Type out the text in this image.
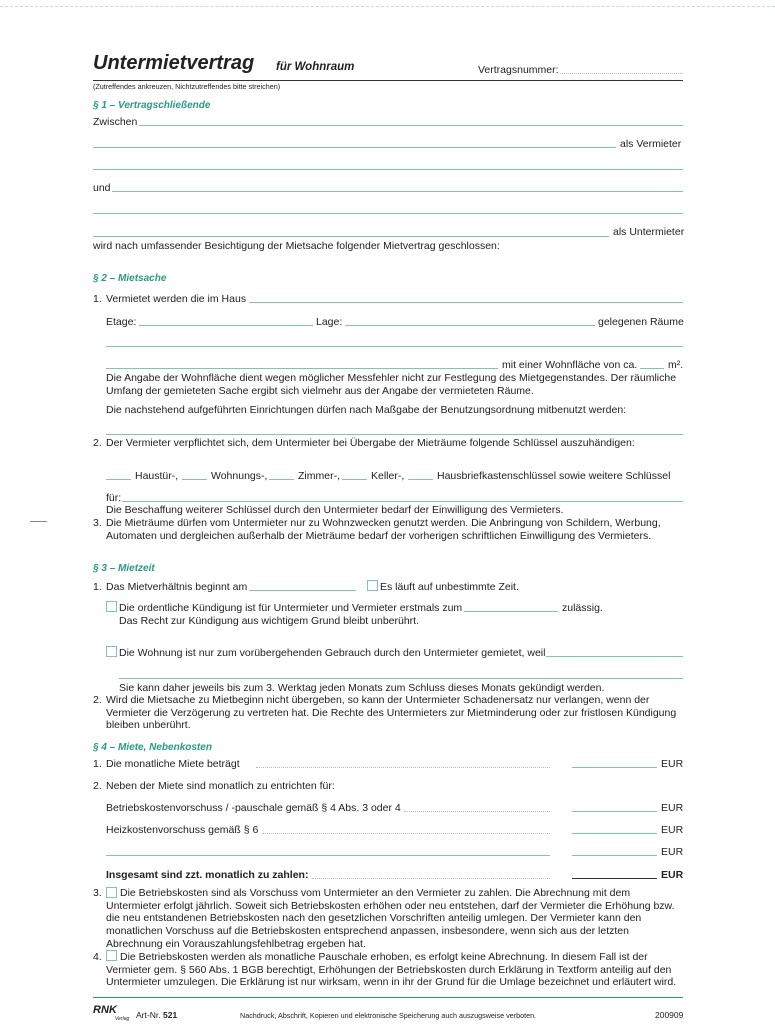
Untermietvertrag für Wohnraum	Vertragsnummer:
(Zutreffendes ankreuzen, Nichtzutreffendes bitte streichen)
§ 1 – Vertragschließende
Zwischen
als Vermieter
und
als Untermieter
wird nach umfassender Besichtigung der Mietsache folgender Mietvertrag geschlossen:
§ 2 – Mietsache
1. Vermietet werden die im Haus
Etage:	Lage:	gelegenen Räume
mit einer Wohnfläche von ca.	m².
Die Angabe der Wohnfläche dient wegen möglicher Messfehler nicht zur Festlegung des Mietgegenstandes. Der räumliche Umfang der gemieteten Sache ergibt sich vielmehr aus der Angabe der vermieteten Räume.
Die nachstehend aufgeführten Einrichtungen dürfen nach Maßgabe der Benutzungsordnung mitbenutzt werden:
2. Der Vermieter verpflichtet sich, dem Untermieter bei Übergabe der Mieträume folgende Schlüssel auszuhändigen:
Haustür-,	Wohnungs-,	Zimmer-,	Keller-,	Hausbriefkastenschlüssel sowie weitere Schlüssel
für:
Die Beschaffung weiterer Schlüssel durch den Untermieter bedarf der Einwilligung des Vermieters.
3. Die Mieträume dürfen vom Untermieter nur zu Wohnzwecken genutzt werden. Die Anbringung von Schildern, Werbung, Automaten und dergleichen außerhalb der Mieträume bedarf der vorherigen schriftlichen Einwilligung des Vermieters.
§ 3 – Mietzeit
1. Das Mietverhältnis beginnt am	Es läuft auf unbestimmte Zeit.
Die ordentliche Kündigung ist für Untermieter und Vermieter erstmals zum	zulässig.
Das Recht zur Kündigung aus wichtigem Grund bleibt unberührt.
Die Wohnung ist nur zum vorübergehenden Gebrauch durch den Untermieter gemietet, weil
Sie kann daher jeweils bis zum 3. Werktag jeden Monats zum Schluss dieses Monats gekündigt werden.
2. Wird die Mietsache zu Mietbeginn nicht übergeben, so kann der Untermieter Schadenersatz nur verlangen, wenn der Vermieter die Verzögerung zu vertreten hat. Die Rechte des Untermieters zur Mietminderung oder zur fristlosen Kündigung bleiben unberührt.
§ 4 – Miete, Nebenkosten
1. Die monatliche Miete beträgt	EUR
2. Neben der Miete sind monatlich zu entrichten für:
Betriebskostenvorschuss / -pauschale gemäß § 4 Abs. 3 oder 4	EUR
Heizkostenvorschuss gemäß § 6	EUR
EUR
Insgesamt sind zzt. monatlich zu zahlen:	EUR
3.	Die Betriebskosten sind als Vorschuss vom Untermieter an den Vermieter zu zahlen. Die Abrechnung mit dem Untermieter erfolgt jährlich. Soweit sich Betriebskosten erhöhen oder neu entstehen, darf der Vermieter die Erhöhung bzw. die neu entstandenen Betriebskosten nach den gesetzlichen Vorschriften anteilig umlegen. Der Vermieter kann den monatlichen Vorschuss auf die Betriebskosten entsprechend anpassen, insbesondere, wenn sich aus der letzten Abrechnung ein Vorauszahlungsfehlbetrag ergeben hat.
4.	Die Betriebskosten werden als monatliche Pauschale erhoben, es erfolgt keine Abrechnung. In diesem Fall ist der Vermieter gem. § 560 Abs. 1 BGB berechtigt, Erhöhungen der Betriebskosten durch Erklärung in Textform anteilig auf den Untermieter umzulegen. Die Erklärung ist nur wirksam, wenn in ihr der Grund für die Umlage bezeichnet und erläutert wird.
RNK
Verlag Art-Nr. 521	Nachdruck, Abschrift, Kopieren und elektronische Speicherung auch auszugsweise verboten.	200909
